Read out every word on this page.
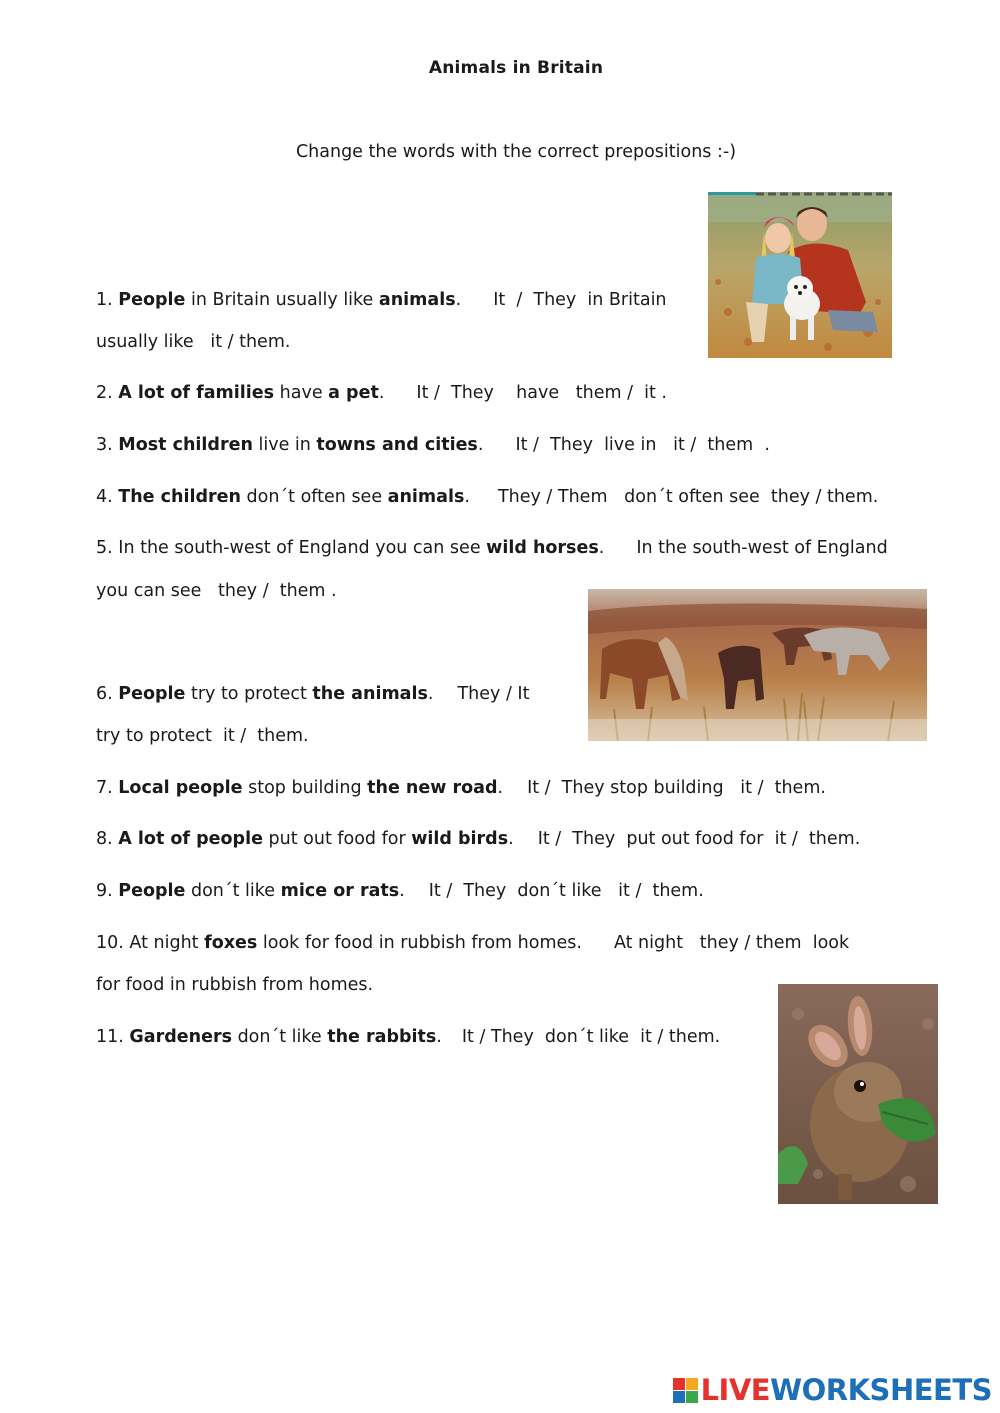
Animals in Britain
Change the words with the correct prepositions :-)
1. People in Britain usually like animals. It  /  They  in Britain
usually like   it / them.
2. A lot of families have a pet. It /  They    have   them /  it .
3. Most children live in towns and cities. It /  They  live in   it /  them  .
4. The children don´t often see animals. They / Them   don´t often see  they / them.
5. In the south-west of England you can see wild horses. In the south-west of England
you can see   they /  them .
6. People try to protect the animals. They / It
try to protect  it /  them.
7. Local people stop building the new road. It /  They stop building   it /  them.
8. A lot of people put out food for wild birds. It /  They  put out food for  it /  them.
9. People don´t like mice or rats. It /  They  don´t like   it /  them.
10. At night foxes look for food in rubbish from homes. At night   they / them  look
for food in rubbish from homes.
11. Gardeners don´t like the rabbits. It / They  don´t like  it / them.
LIVE WORKSHEETS
